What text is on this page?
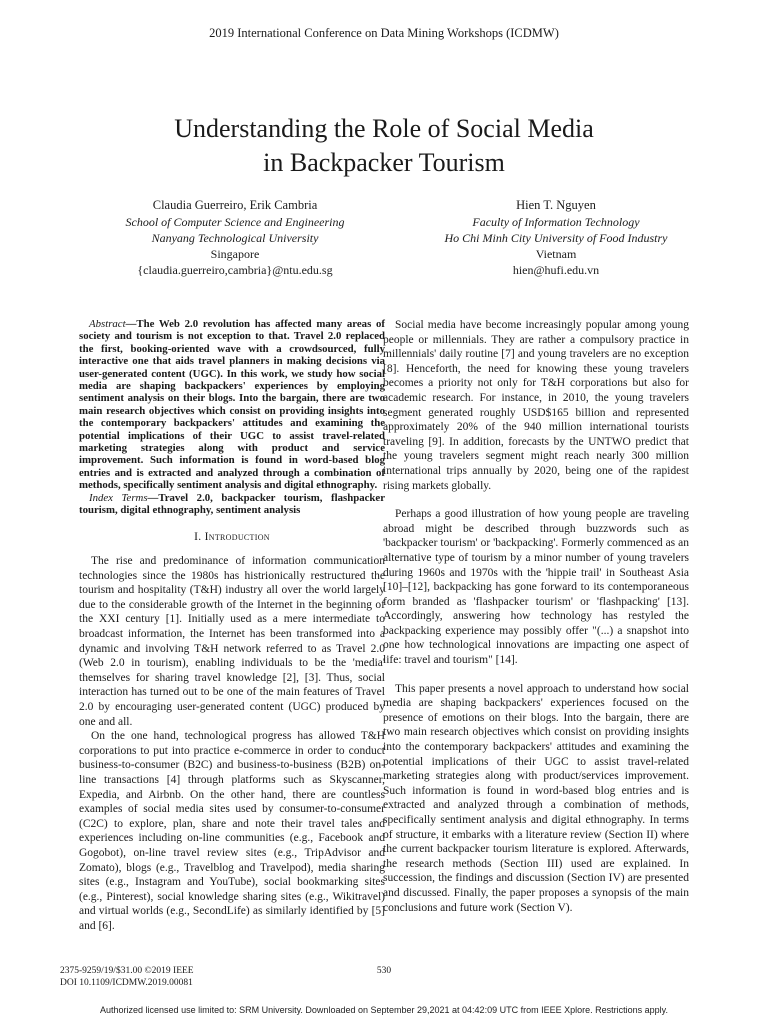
2019 International Conference on Data Mining Workshops (ICDMW)
Understanding the Role of Social Media
in Backpacker Tourism
Claudia Guerreiro, Erik Cambria
School of Computer Science and Engineering
Nanyang Technological University
Singapore
{claudia.guerreiro,cambria}@ntu.edu.sg
Hien T. Nguyen
Faculty of Information Technology
Ho Chi Minh City University of Food Industry
Vietnam
hien@hufi.edu.vn

Abstract—The Web 2.0 revolution has affected many areas of society and tourism is not exception to that. Travel 2.0 replaced the first, booking-oriented wave with a crowdsourced, fully interactive one that aids travel planners in making decisions via user-generated content (UGC). In this work, we study how social media are shaping backpackers' experiences by employing sentiment analysis on their blogs. Into the bargain, there are two main research objectives which consist on providing insights into the contemporary backpackers' attitudes and examining the potential implications of their UGC to assist travel-related marketing strategies along with product and service improvement. Such information is found in word-based blog entries and is extracted and analyzed through a combination of methods, specifically sentiment analysis and digital ethnography.

Index Terms—Travel 2.0, backpacker tourism, flashpacker tourism, digital ethnography, sentiment analysis

I. Introduction

The rise and predominance of information communication technologies since the 1980s has histrionically restructured the tourism and hospitality (T&H) industry all over the world largely due to the considerable growth of the Internet in the beginning of the XXI century [1]. Initially used as a mere intermediate to broadcast information, the Internet has been transformed into a dynamic and involving T&H network referred to as Travel 2.0 (Web 2.0 in tourism), enabling individuals to be the 'media' themselves for sharing travel knowledge [2], [3]. Thus, social interaction has turned out to be one of the main features of Travel 2.0 by encouraging user-generated content (UGC) produced by one and all.

On the one hand, technological progress has allowed T&H corporations to put into practice e-commerce in order to conduct business-to-consumer (B2C) and business-to-business (B2B) on-line transactions [4] through platforms such as Skyscanner, Expedia, and Airbnb. On the other hand, there are countless examples of social media sites used by consumer-to-consumer (C2C) to explore, plan, share and note their travel tales and experiences including on-line communities (e.g., Facebook and Gogobot), on-line travel review sites (e.g., TripAdvisor and Zomato), blogs (e.g., Travelblog and Travelpod), media sharing sites (e.g., Instagram and YouTube), social bookmarking sites (e.g., Pinterest), social knowledge sharing sites (e.g., Wikitravel) and virtual worlds (e.g., SecondLife) as similarly identified by [5] and [6].

Social media have become increasingly popular among young people or millennials. They are rather a compulsory practice in millennials' daily routine [7] and young travelers are no exception [8]. Henceforth, the need for knowing these young travelers becomes a priority not only for T&H corporations but also for academic research. For instance, in 2010, the young travelers segment generated roughly USD$165 billion and represented approximately 20% of the 940 million international tourists traveling [9]. In addition, forecasts by the UNTWO predict that the young travelers segment might reach nearly 300 million international trips annually by 2020, being one of the rapidest rising markets globally.

Perhaps a good illustration of how young people are traveling abroad might be described through buzzwords such as 'backpacker tourism' or 'backpacking'. Formerly commenced as an alternative type of tourism by a minor number of young travelers during 1960s and 1970s with the 'hippie trail' in Southeast Asia [10]–[12], backpacking has gone forward to its contemporaneous form branded as 'flashpacker tourism' or 'flashpacking' [13]. Accordingly, answering how technology has restyled the backpacking experience may possibly offer "(...) a snapshot into one how technological innovations are impacting one aspect of life: travel and tourism" [14].

This paper presents a novel approach to understand how social media are shaping backpackers' experiences focused on the presence of emotions on their blogs. Into the bargain, there are two main research objectives which consist on providing insights into the contemporary backpackers' attitudes and examining the potential implications of their UGC to assist travel-related marketing strategies along with product/services improvement. Such information is found in word-based blog entries and is extracted and analyzed through a combination of methods, specifically sentiment analysis and digital ethnography. In terms of structure, it embarks with a literature review (Section II) where the current backpacker tourism literature is explored. Afterwards, the research methods (Section III) used are explained. In succession, the findings and discussion (Section IV) are presented and discussed. Finally, the paper proposes a synopsis of the main conclusions and future work (Section V).

2375-9259/19/$31.00 ©2019 IEEE
DOI 10.1109/ICDMW.2019.00081
530
Authorized licensed use limited to: SRM University. Downloaded on September 29,2021 at 04:42:09 UTC from IEEE Xplore. Restrictions apply.
